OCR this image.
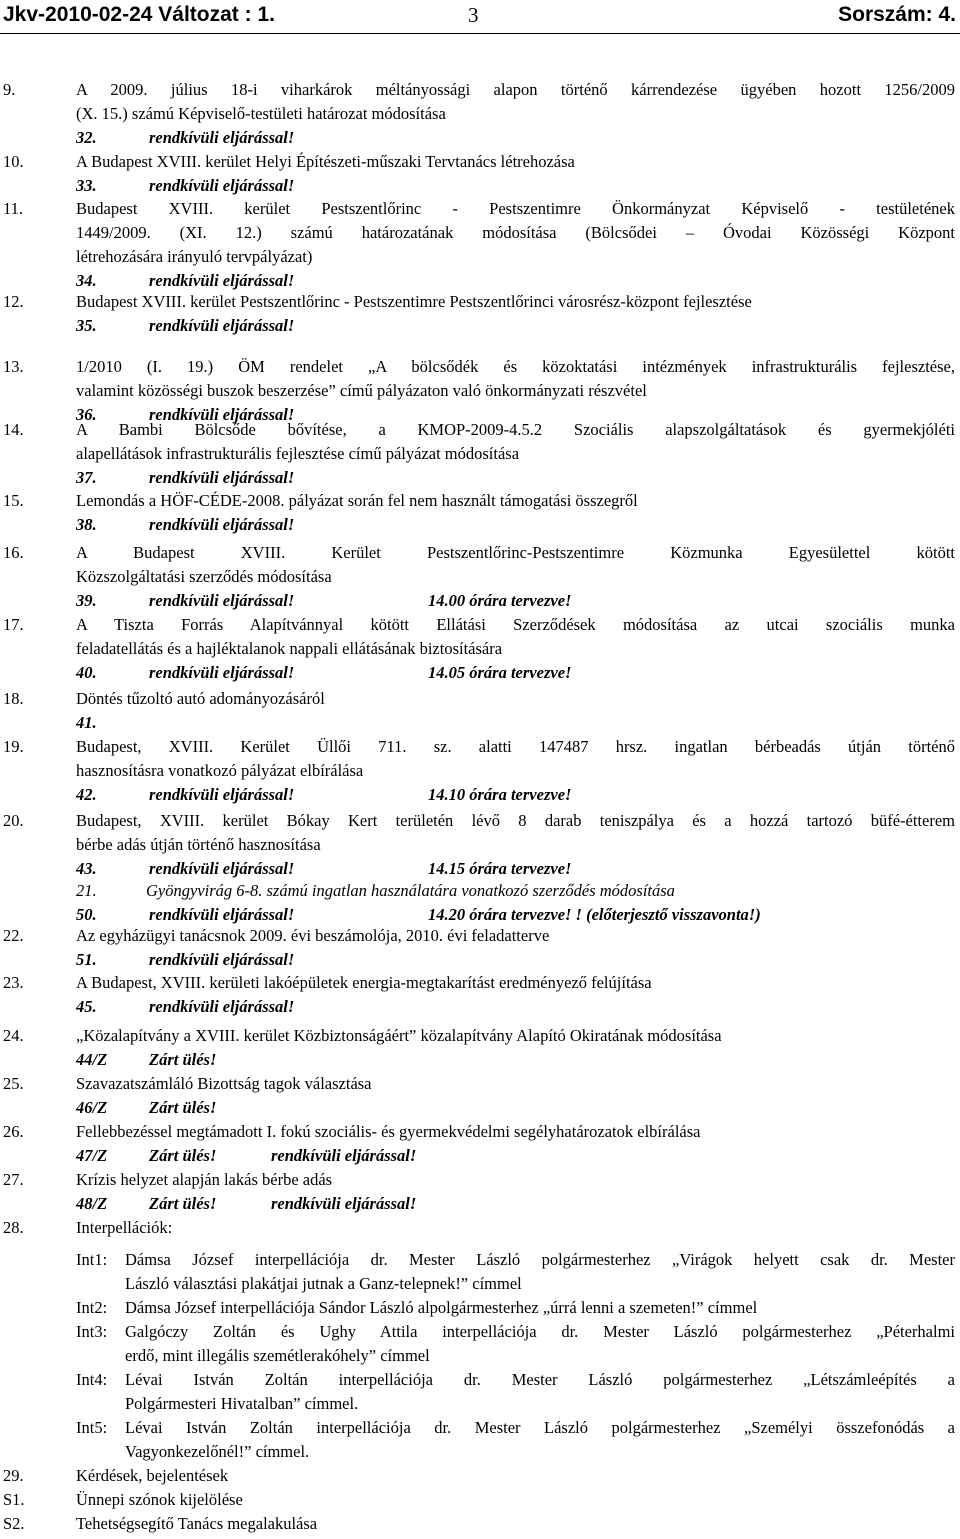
Jkv-2010-02-24 Változat : 1.	3	Sorszám: 4.
9.	A 2009. július 18-i viharkárok méltányossági alapon történő kárrendezése ügyében hozott 1256/2009
(X. 15.) számú Képviselő-testületi határozat módosítása
32.	rendkívüli eljárással!
10.	A Budapest XVIII. kerület Helyi Építészeti-műszaki Tervtanács létrehozása
33.	rendkívüli eljárással!
11.	Budapest XVIII. kerület Pestszentlőrinc - Pestszentimre Önkormányzat Képviselő - testületének
1449/2009. (XI. 12.) számú határozatának módosítása (Bölcsődei – Óvodai Közösségi Központ
létrehozására irányuló tervpályázat)
34.	rendkívüli eljárással!
12.	Budapest XVIII. kerület Pestszentlőrinc - Pestszentimre Pestszentlőrinci városrész-központ fejlesztése
35.	rendkívüli eljárással!
13.	1/2010 (I. 19.) ÖM rendelet „A bölcsődék és közoktatási intézmények infrastrukturális fejlesztése,
valamint közösségi buszok beszerzése” című pályázaton való önkormányzati részvétel
36.	rendkívüli eljárással!
14.	A Bambi Bölcsőde bővítése, a KMOP-2009-4.5.2 Szociális alapszolgáltatások és gyermekjóléti
alapellátások infrastrukturális fejlesztése című pályázat módosítása
37.	rendkívüli eljárással!
15.	Lemondás a HÖF-CÉDE-2008. pályázat során fel nem használt támogatási összegről
38.	rendkívüli eljárással!
16.	A Budapest XVIII. Kerület Pestszentlőrinc-Pestszentimre Közmunka Egyesülettel kötött
Közszolgáltatási szerződés módosítása
39.	rendkívüli eljárással!	14.00 órára tervezve!
17.	A Tiszta Forrás Alapítvánnyal kötött Ellátási Szerződések módosítása az utcai szociális munka
feladatellátás és a hajléktalanok nappali ellátásának biztosítására
40.	rendkívüli eljárással!	14.05 órára tervezve!
18.	Döntés tűzoltó autó adományozásáról
41.
19.	Budapest, XVIII. Kerület Üllői 711. sz. alatti 147487 hrsz. ingatlan bérbeadás útján történő
hasznosításra vonatkozó pályázat elbírálása
42.	rendkívüli eljárással!	14.10 órára tervezve!
20.	Budapest, XVIII. kerület Bókay Kert területén lévő 8 darab teniszpálya és a hozzá tartozó büfé-étterem
bérbe adás útján történő hasznosítása
43.	rendkívüli eljárással!	14.15 órára tervezve!
21.	Gyöngyvirág 6-8. számú ingatlan használatára vonatkozó szerződés módosítása
50.	rendkívüli eljárással!	14.20 órára tervezve! ! (előterjesztő visszavonta!)
22.	Az egyházügyi tanácsnok 2009. évi beszámolója, 2010. évi feladatterve
51.	rendkívüli eljárással!
23.	A Budapest, XVIII. kerületi lakóépületek energia-megtakarítást eredményező felújítása
45.	rendkívüli eljárással!
24.	„Közalapítvány a XVIII. kerület Közbiztonságáért” közalapítvány Alapító Okiratának módosítása
44/Z	Zárt ülés!
25.	Szavazatszámláló Bizottság tagok választása
46/Z	Zárt ülés!
26.	Fellebbezéssel megtámadott I. fokú szociális- és gyermekvédelmi segélyhatározatok elbírálása
47/Z	Zárt ülés!	rendkívüli eljárással!
27.	Krízis helyzet alapján lakás bérbe adás
48/Z	Zárt ülés!	rendkívüli eljárással!
28.	Interpellációk:
Int1: Dámsa József interpellációja dr. Mester László polgármesterhez „Virágok helyett csak dr. Mester
László választási plakátjai jutnak a Ganz-telepnek!” címmel
Int2: Dámsa József interpellációja Sándor László alpolgármesterhez „úrrá lenni a szemeten!” címmel
Int3: Galgóczy Zoltán és Ughy Attila interpellációja dr. Mester László polgármesterhez „Péterhalmi
erdő, mint illegális szemétlerakóhely” címmel
Int4: Lévai István Zoltán interpellációja dr. Mester László polgármesterhez „Létszámleépítés a
Polgármesteri Hivatalban” címmel.
Int5: Lévai István Zoltán interpellációja dr. Mester László polgármesterhez „Személyi összefonódás a
Vagyonkezelőnél!” címmel.
29.	Kérdések, bejelentések
S1.	Ünnepi szónok kijelölése
S2.	Tehetségsegítő Tanács megalakulása
